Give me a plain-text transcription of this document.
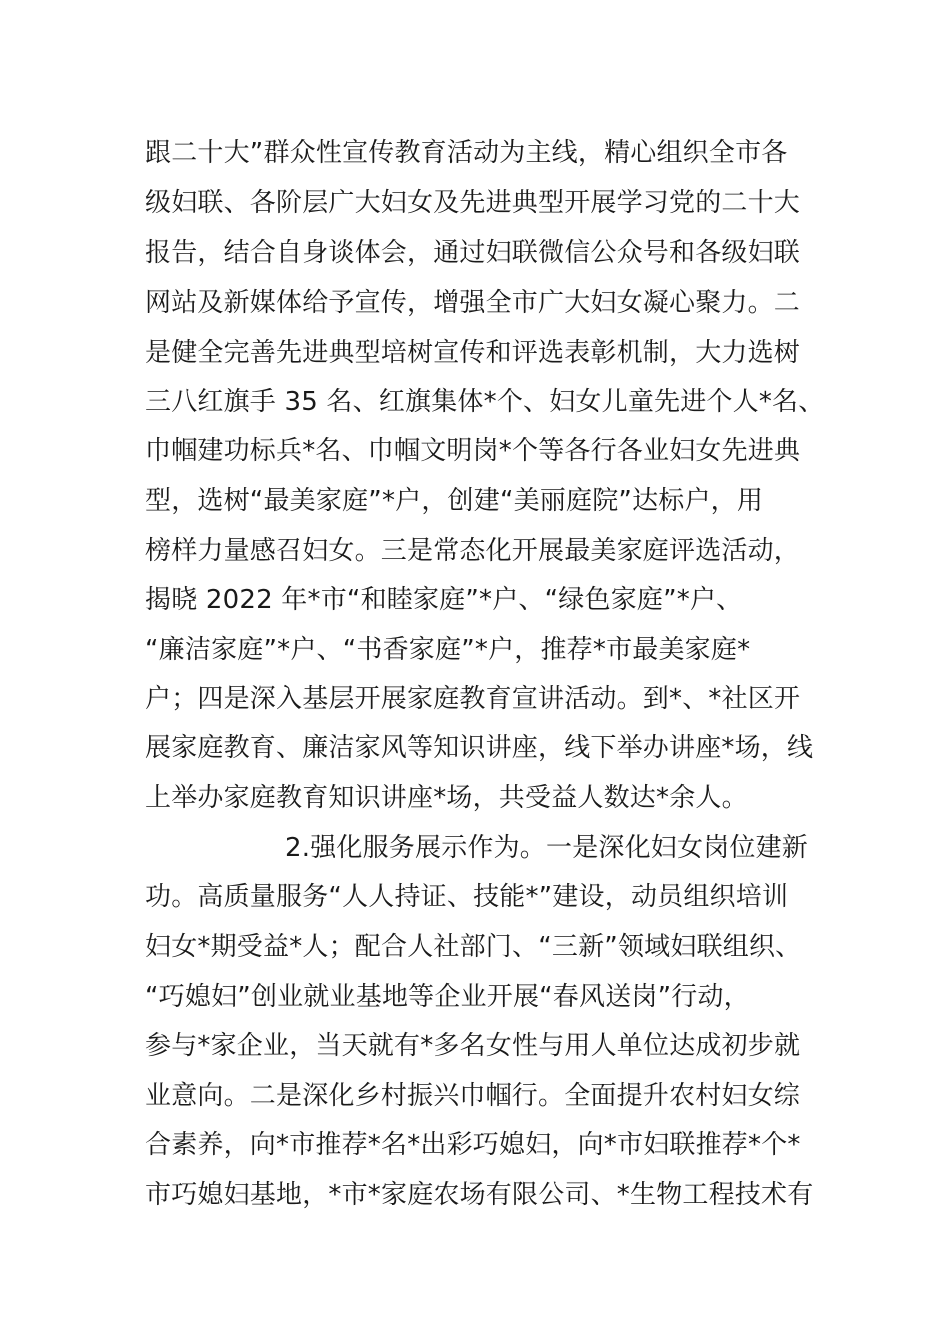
跟二十大”群众性宣传教育活动为主线，精心组织全市各
级妇联、各阶层广大妇女及先进典型开展学习党的二十大
报告，结合自身谈体会，通过妇联微信公众号和各级妇联
网站及新媒体给予宣传，增强全市广大妇女凝心聚力。二
是健全完善先进典型培树宣传和评选表彰机制，大力选树
三八红旗手 35 名、红旗集体*个、妇女儿童先进个人*名、
巾帼建功标兵*名、巾帼文明岗*个等各行各业妇女先进典
型，选树“最美家庭”*户，创建“美丽庭院”达标户，用
榜样力量感召妇女。三是常态化开展最美家庭评选活动，
揭晓 2022 年*市“和睦家庭”*户、“绿色家庭”*户、
“廉洁家庭”*户、“书香家庭”*户，推荐*市最美家庭*
户；四是深入基层开展家庭教育宣讲活动。到*、*社区开
展家庭教育、廉洁家风等知识讲座，线下举办讲座*场，线
上举办家庭教育知识讲座*场，共受益人数达*余人。
2.强化服务展示作为。一是深化妇女岗位建新
功。高质量服务“人人持证、技能*”建设，动员组织培训
妇女*期受益*人；配合人社部门、“三新”领域妇联组织、
“巧媳妇”创业就业基地等企业开展“春风送岗”行动，
参与*家企业，当天就有*多名女性与用人单位达成初步就
业意向。二是深化乡村振兴巾帼行。全面提升农村妇女综
合素养，向*市推荐*名*出彩巧媳妇，向*市妇联推荐*个*
市巧媳妇基地，*市*家庭农场有限公司、*生物工程技术有
